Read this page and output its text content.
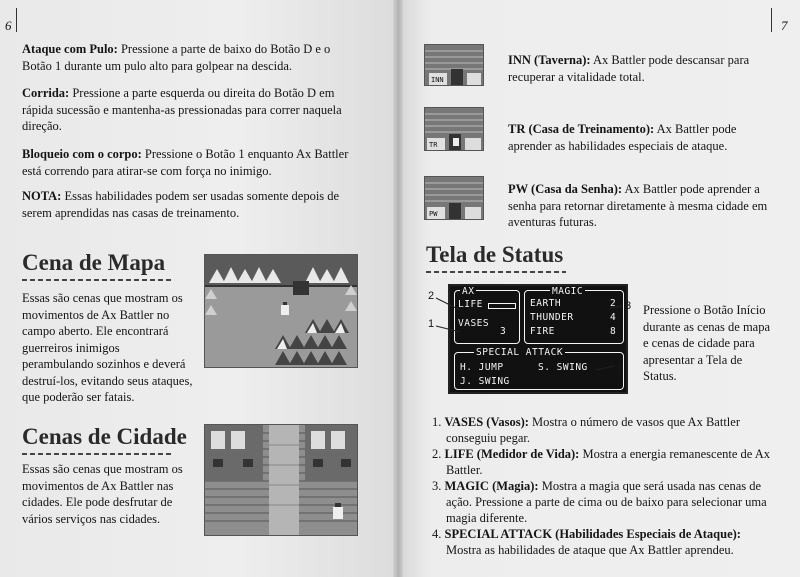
6

Ataque com Pulo: Pressione a parte de baixo do Botão D e o Botão 1 durante um pulo alto para golpear na descida.

Corrida: Pressione a parte esquerda ou direita do Botão D em rápida sucessão e mantenha-as pressionadas para correr naquela direção.

Bloqueio com o corpo: Pressione o Botão 1 enquanto Ax Battler está correndo para atirar-se com força no inimigo.

NOTA: Essas habilidades podem ser usadas somente depois de serem aprendidas nas casas de treinamento.

Cena de Mapa

Essas são cenas que mostram os movimentos de Ax Battler no campo aberto. Ele encontrará guerreiros inimigos perambulando sozinhos e deverá destruí-los, evitando seus ataques, que poderão ser fatais.

Cenas de Cidade

Essas são cenas que mostram os movimentos de Ax Battler nas cidades. Ele pode desfrutar de vários serviços nas cidades.

7
INN

INN (Taverna): Ax Battler pode descansar para recuperar a vitalidade total.

TR

TR (Casa de Treinamento): Ax Battler pode aprender as habilidades especiais de ataque.

PW

PW (Casa da Senha): Ax Battler pode aprender a senha para retornar diretamente à mesma cidade em aventuras futuras.

Tela de Status
AX
LIFE
VASES
3
MAGIC
EARTH	2
THUNDER	4
FIRE	8
SPECIAL ATTACK
H. JUMP	S. SWING
J. SWING
2
1
3
4

Pressione o Botão Início durante as cenas de mapa e cenas de cidade para apresentar a Tela de Status.

1. VASES (Vasos): Mostra o número de vasos que Ax Battler conseguiu pegar.
2. LIFE (Medidor de Vida): Mostra a energia remanescente de Ax Battler.
3. MAGIC (Magia): Mostra a magia que será usada nas cenas de ação. Pressione a parte de cima ou de baixo para selecionar uma magia diferente.
4. SPECIAL ATTACK (Habilidades Especiais de Ataque): Mostra as habilidades de ataque que Ax Battler aprendeu.
